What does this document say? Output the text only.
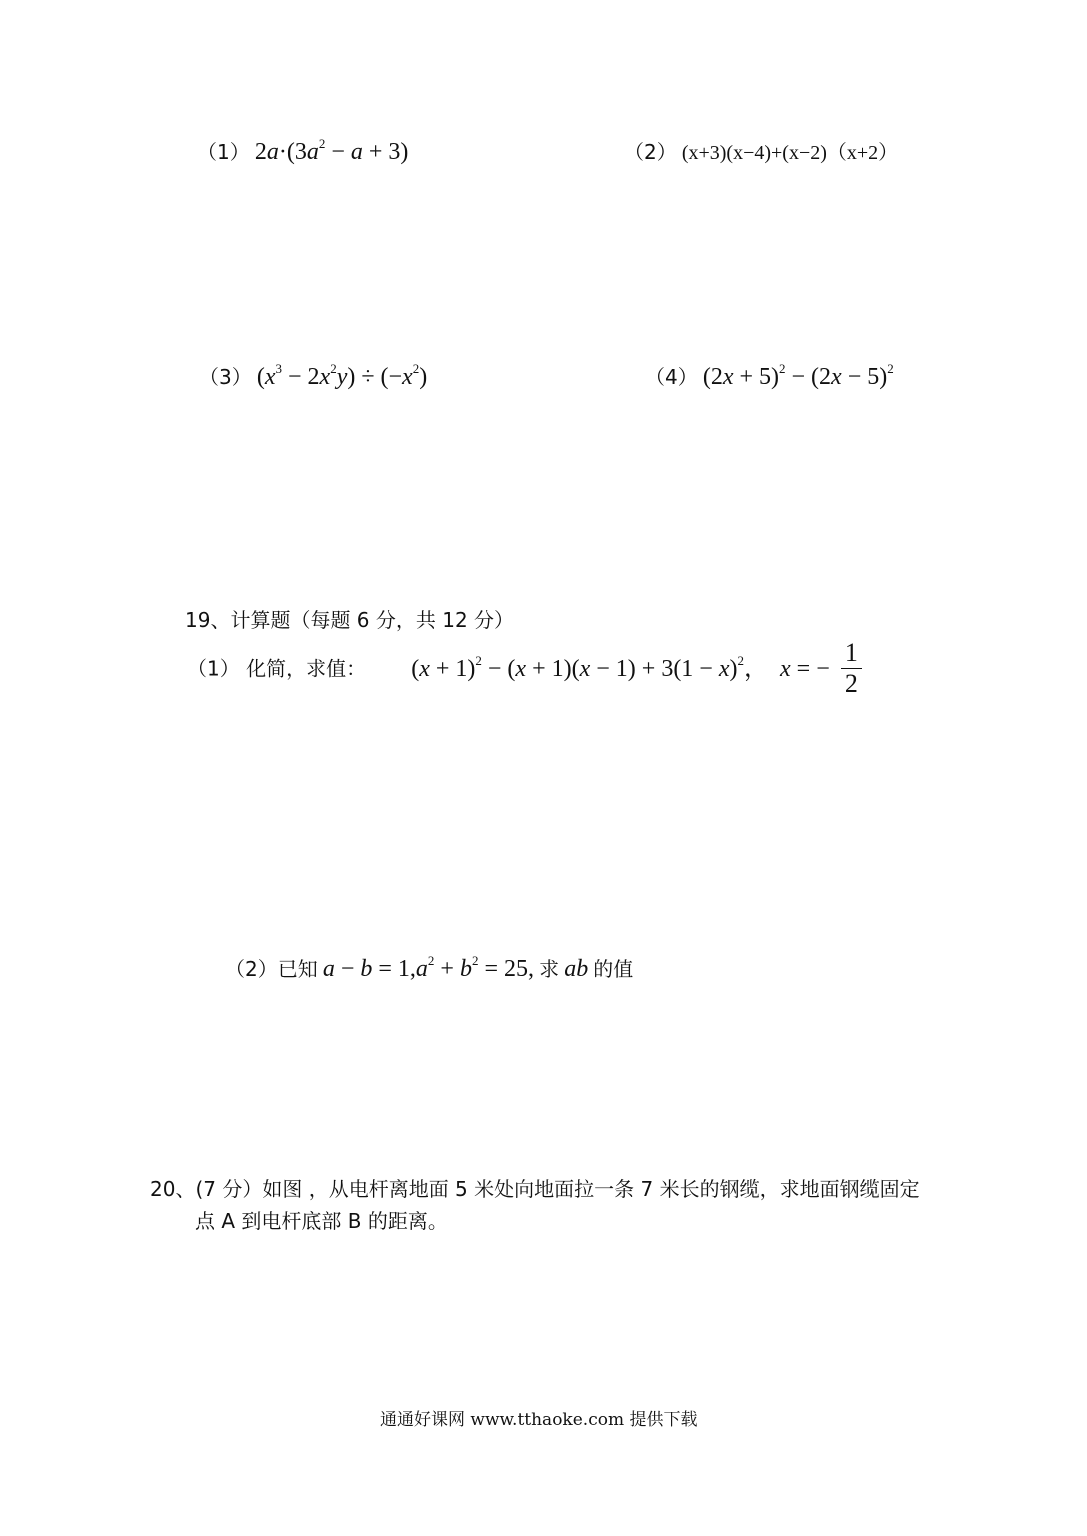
（1） $2a\cdot(3a^2 - a + 3)$	（2） (x+3)(x−4)+(x−2)（x+2）
（3） $(x^3 - 2x^2y) \div (-x^2)$	（4） $(2x + 5)^2 - (2x - 5)^2$
19、计算题（每题 6 分，共 12 分）
（1） 化简，求值： $(x + 1)^2 - (x + 1)(x - 1) + 3(1 - x)^2$， x = − $\frac{1}{2}$
（2）已知 $a - b = 1,a^2 + b^2 = 25$, 求 ab 的值
20、(7 分）如图 ，从电杆离地面 5 米处向地面拉一条 7 米长的钢缆，求地面钢缆固定
点 A 到电杆底部 B 的距离。
通通好课网 www.tthaoke.com 提供下载
